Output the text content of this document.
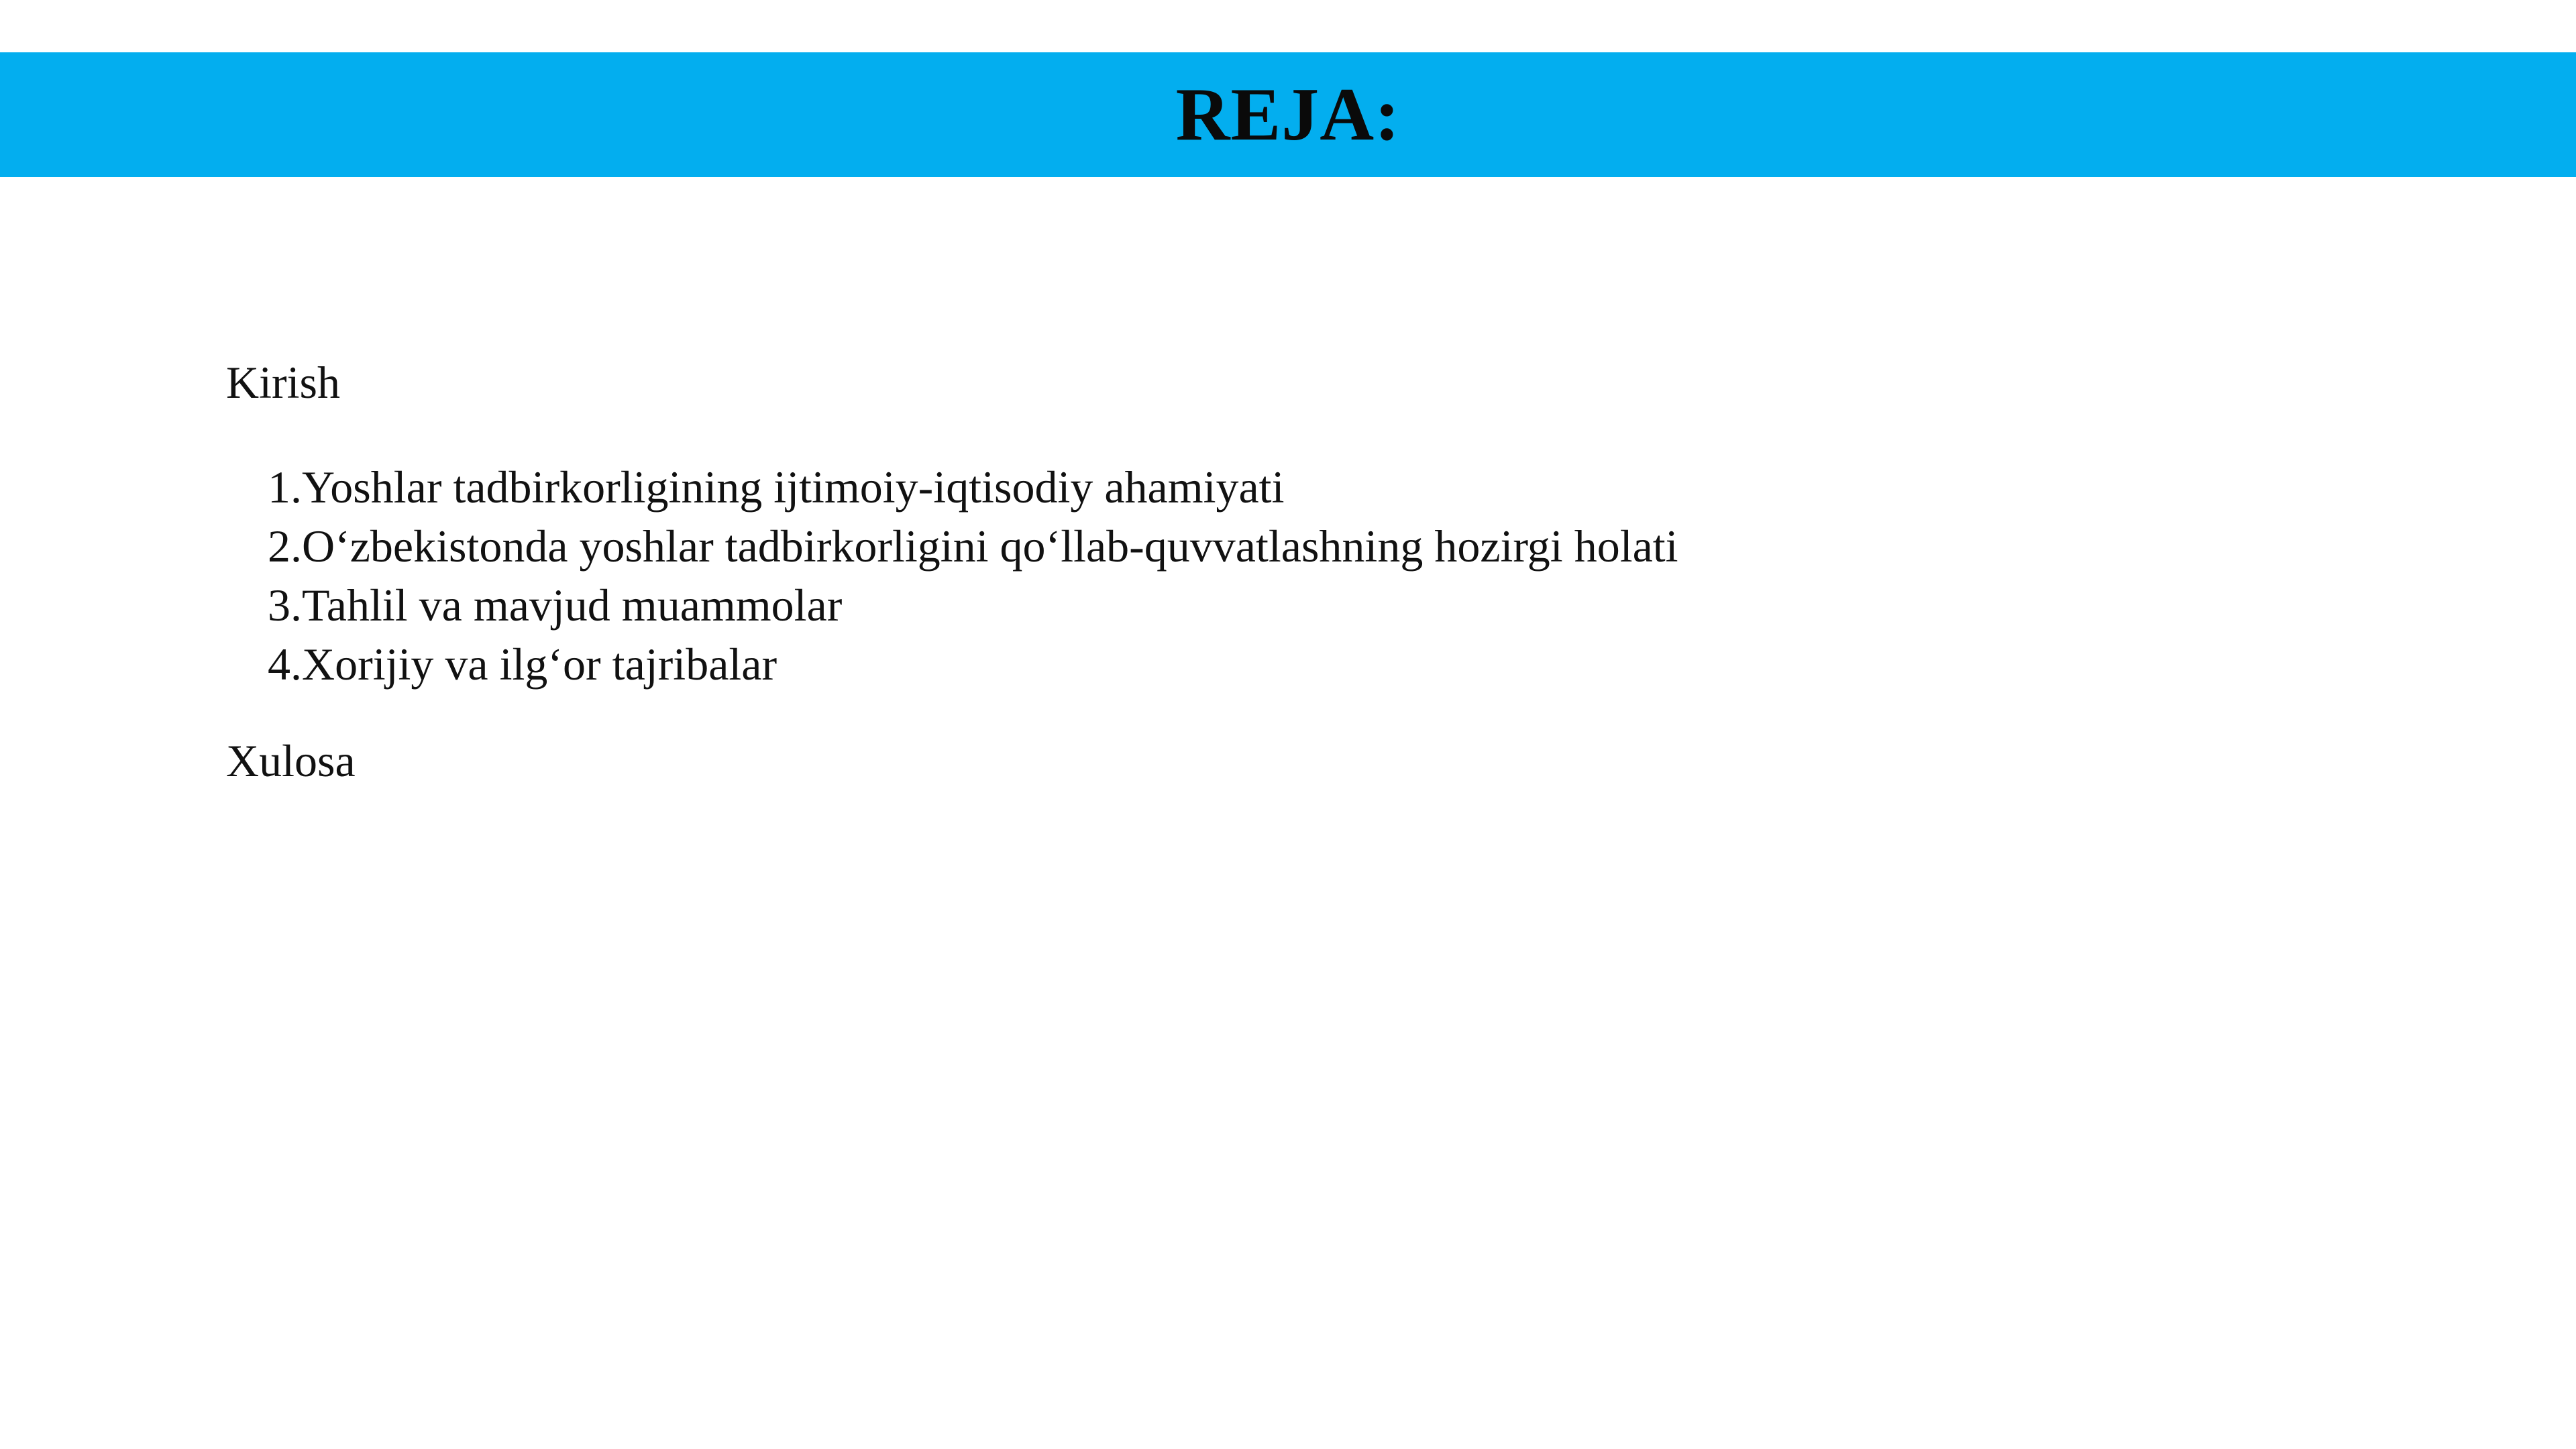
REJA:

Kirish

1. Yoshlar tadbirkorligining ijtimoiy-iqtisodiy ahamiyati
2. O‘zbekistonda yoshlar tadbirkorligini qo‘llab-quvvatlashning hozirgi holati
3. Tahlil va mavjud muammolar
4. Xorijiy va ilg‘or tajribalar

Xulosa
